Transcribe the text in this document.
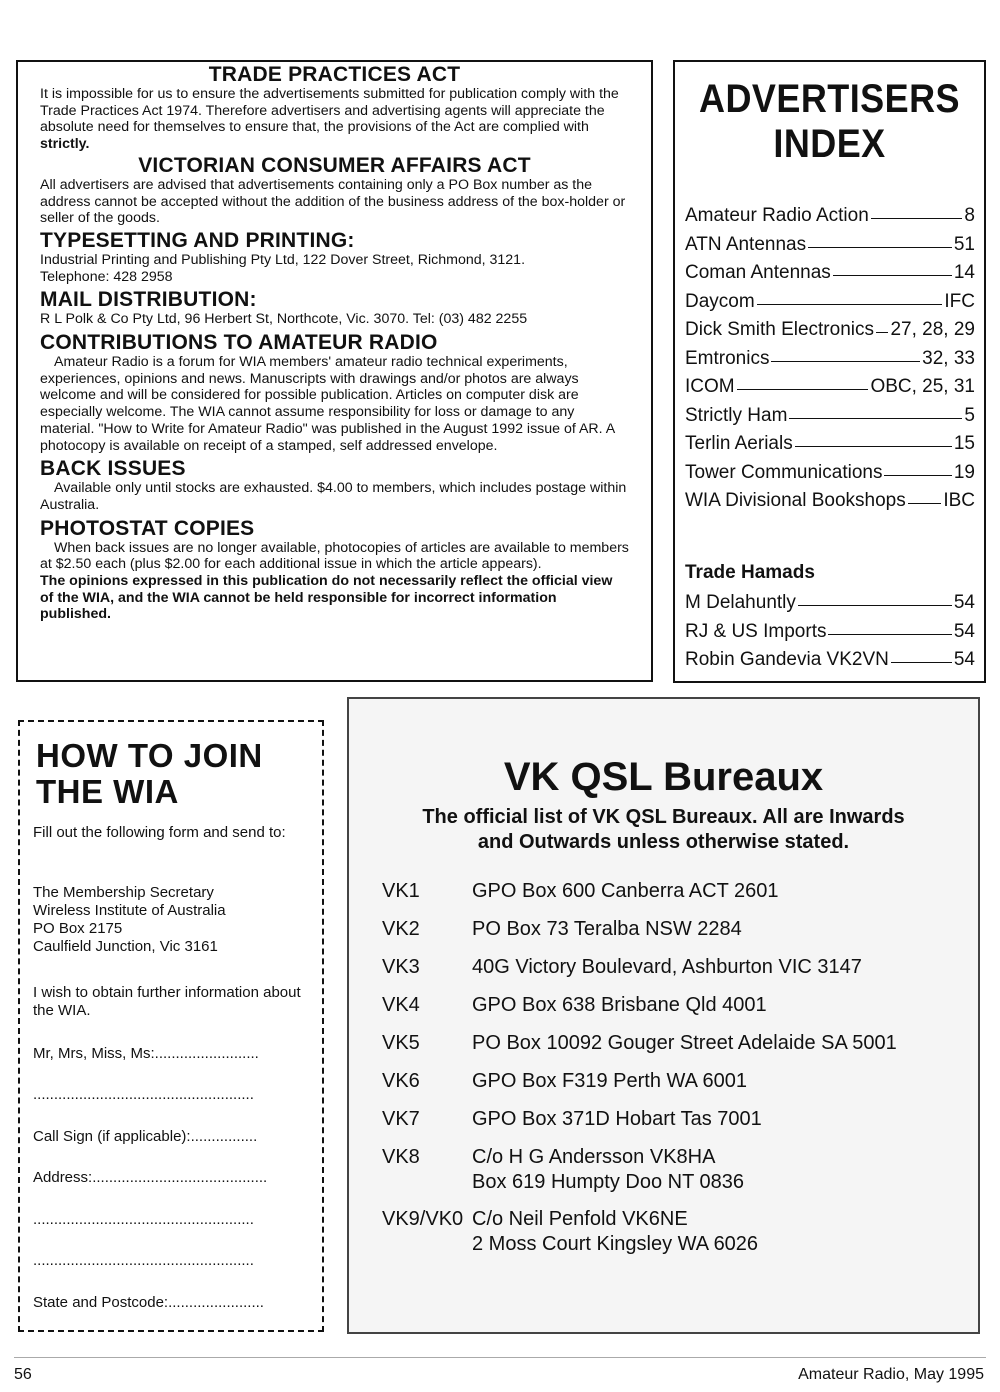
TRADE PRACTICES ACT

It is impossible for us to ensure the advertisements submitted for publication comply with the Trade Practices Act 1974. Therefore advertisers and advertising agents will appreciate the absolute need for themselves to ensure that, the provisions of the Act are complied with strictly.

VICTORIAN CONSUMER AFFAIRS ACT

All advertisers are advised that advertisements containing only a PO Box number as the address cannot be accepted without the addition of the business address of the box-holder or seller of the goods.

TYPESETTING AND PRINTING:

Industrial Printing and Publishing Pty Ltd, 122 Dover Street, Richmond, 3121.

Telephone: 428 2958

MAIL DISTRIBUTION:

R L Polk & Co Pty Ltd, 96 Herbert St, Northcote, Vic. 3070. Tel: (03) 482 2255

CONTRIBUTIONS TO AMATEUR RADIO

Amateur Radio is a forum for WIA members' amateur radio technical experiments, experiences, opinions and news. Manuscripts with drawings and/or photos are always welcome and will be considered for possible publication. Articles on computer disk are especially welcome. The WIA cannot assume responsibility for loss or damage to any material. "How to Write for Amateur Radio" was published in the August 1992 issue of AR. A photocopy is available on receipt of a stamped, self addressed envelope.

BACK ISSUES

Available only until stocks are exhausted. $4.00 to members, which includes postage within Australia.

PHOTOSTAT COPIES

When back issues are no longer available, photocopies of articles are available to members at $2.50 each (plus $2.00 for each additional issue in which the article appears).

The opinions expressed in this publication do not necessarily reflect the official view of the WIA, and the WIA cannot be held responsible for incorrect information published.

ADVERTISERS
INDEX
Amateur Radio Action	8
ATN Antennas	51
Coman Antennas	14
Daycom	IFC
Dick Smith Electronics 27, 28, 29
Emtronics	32, 33
ICOM	OBC, 25, 31
Strictly Ham	5
Terlin Aerials	15
Tower Communications	19
WIA Divisional Bookshops IBC
Trade Hamads
M Delahuntly	54
RJ & US Imports	54
Robin Gandevia VK2VN	54
HOW TO JOIN
THE WIA
Fill out the following form and send to:
The Membership Secretary
Wireless Institute of Australia
PO Box 2175
Caulfield Junction, Vic 3161
I wish to obtain further information about the WIA.
Mr, Mrs, Miss, Ms:.........................
.....................................................
Call Sign (if applicable):................
Address:..........................................
.....................................................
.....................................................
State and Postcode:.......................
VK QSL Bureaux
The official list of VK QSL Bureaux. All are Inwards
and Outwards unless otherwise stated.
VK1	GPO Box 600 Canberra ACT 2601
VK2	PO Box 73 Teralba NSW 2284
VK3	40G Victory Boulevard, Ashburton VIC 3147
VK4	GPO Box 638 Brisbane Qld 4001
VK5	PO Box 10092 Gouger Street Adelaide SA 5001
VK6	GPO Box F319 Perth WA 6001
VK7	GPO Box 371D Hobart Tas 7001
VK8	C/o H G Andersson VK8HA
Box 619 Humpty Doo NT 0836
VK9/VK0 C/o Neil Penfold VK6NE
2 Moss Court Kingsley WA 6026
56	Amateur Radio, May 1995
